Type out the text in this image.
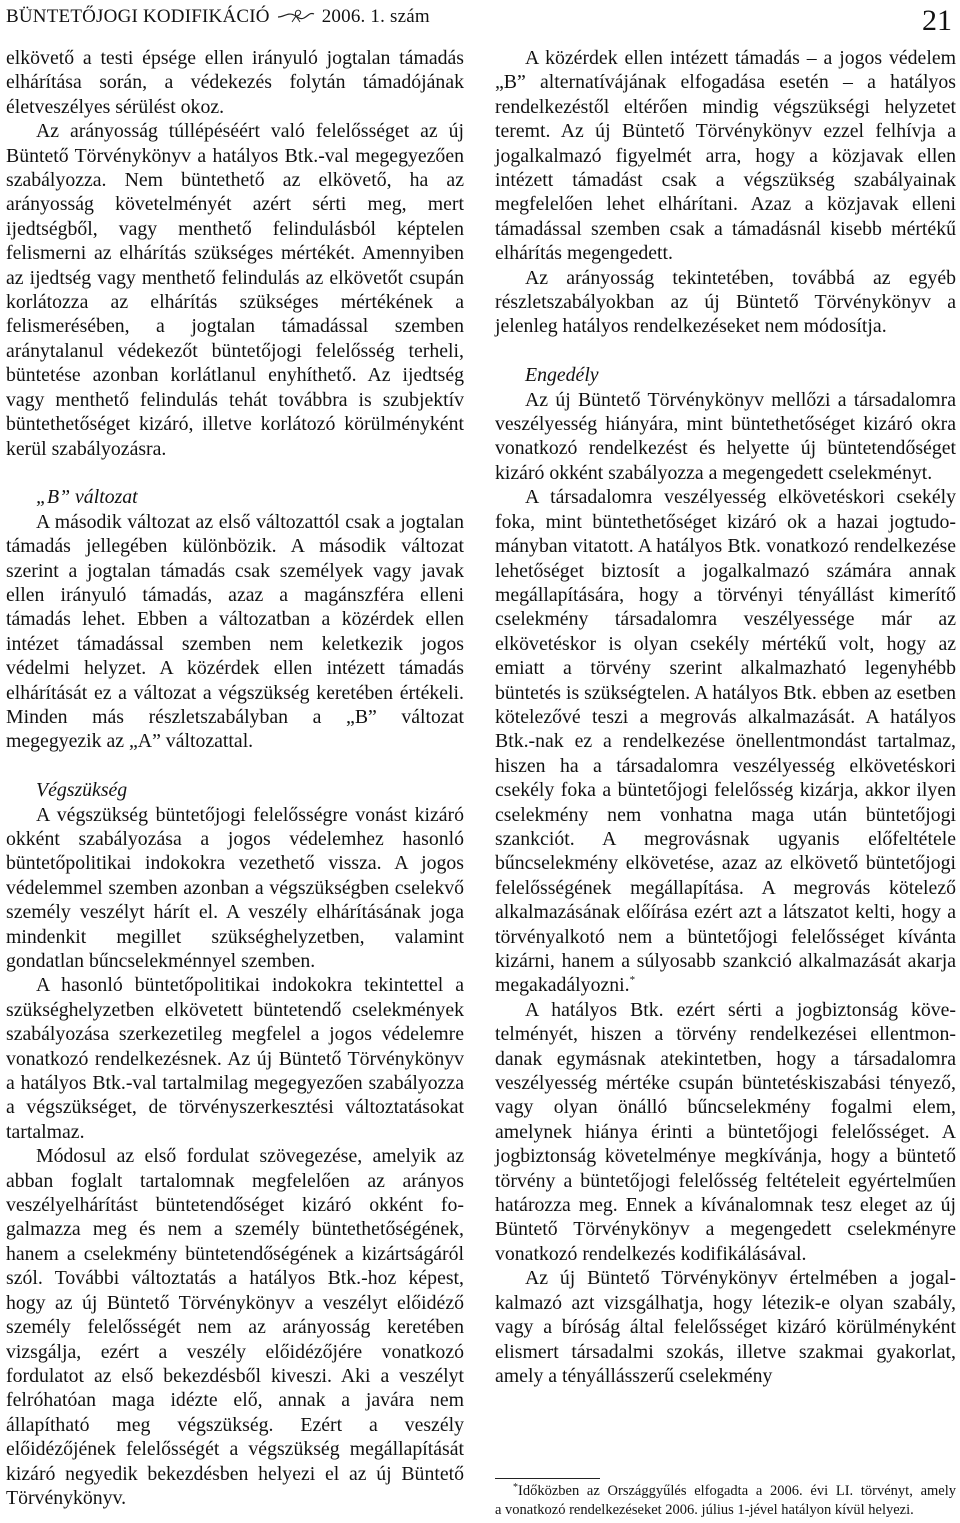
BÜNTETŐJOGI KODIFIKÁCIÓ	2006. 1. szám	21

elkövető a testi épsége ellen irányuló jogtalan támadás elhárítása során, a védekezés folytán támadójának életveszélyes sérülést okoz.

Az arányosság túllépéséért való felelősséget az új Büntető Törvénykönyv a hatályos Btk.-val megegyezően szabályozza. Nem büntethető az elkövető, ha az arányosság követelményét azért sérti meg, mert ijedtségből, vagy menthető felindulásból képtelen felismerni az elhárítás szükséges mértékét. Amennyiben az ijedtség vagy menthető felindulás az elkövetőt csupán korlátozza az elhárítás szükséges mértékének a felismerésében, a jogtalan támadással szemben aránytalanul védekezőt büntetőjogi felelősség terheli, büntetése azonban korlátlanul enyhíthető. Az ijedtség vagy menthető felindulás tehát továbbra is szubjektív büntethetőséget kizáró, illetve korlátozó körülményként kerül szabályozásra.

„B” változat

A második változat az első változattól csak a jogtalan támadás jellegében különbözik. A második változat szerint a jogtalan támadás csak személyek vagy javak ellen irányuló támadás, azaz a magánszféra elleni támadás lehet. Ebben a változatban a közérdek ellen intézet támadással szemben nem keletkezik jogos védelmi helyzet. A közérdek ellen intézett támadás elhárítását ez a változat a végszükség keretében értékeli. Minden más részletszabályban a „B” változat megegyezik az „A” változattal.

Végszükség

A végszükség büntetőjogi felelősségre vonást kizáró okként szabályozása a jogos védelemhez hasonló büntetőpolitikai indokokra vezethető vissza. A jogos védelemmel szemben azonban a végszükségben cselekvő személy veszélyt hárít el. A veszély elhárításának joga mindenkit megillet szükséghelyzetben, valamint gondatlan bűncselekménnyel szemben.

A hasonló büntetőpolitikai indokokra tekintettel a szükséghelyzetben elkövetett büntetendő cselekmények szabályozása szerkezetileg megfelel a jogos védelemre vonatkozó rendelkezésnek. Az új Büntető Törvénykönyv a hatályos Btk.-val tartalmilag megegyezően szabályozza a végszükséget, de törvényszerkesztési változtatásokat tartalmaz.

Módosul az első fordulat szövegezése, amelyik az abban foglalt tartalomnak megfelelően az arányos veszélyelhárítást büntetendőséget kizáró okként fogalmazza meg és nem a személy büntethetőségének, hanem a cselekmény büntetendőségének a kizártságáról szól. További változtatás a hatályos Btk.-hoz képest, hogy az új Büntető Törvénykönyv a veszélyt előidéző személy felelősségét nem az arányosság keretében vizsgálja, ezért a veszély előidézőjére vonatkozó fordulatot az első bekezdésből kiveszi. Aki a veszélyt felróhatóan maga idézte elő, annak a javára nem állapítható meg végszükség. Ezért a veszély előidézőjének felelősségét a végszükség megállapítását kizáró negyedik bekezdésben helyezi el az új Büntető Törvénykönyv.

A közérdek ellen intézett támadás – a jogos védelem „B” alternatívájának elfogadása esetén – a hatályos rendelkezéstől eltérően mindig végszükségi helyzetet teremt. Az új Büntető Törvénykönyv ezzel felhívja a jogalkalmazó figyelmét arra, hogy a közjavak ellen intézett támadást csak a végszükség szabályainak megfelelően lehet elhárítani. Azaz a közjavak elleni támadással szemben csak a támadásnál kisebb mértékű elhárítás megengedett.

Az arányosság tekintetében, továbbá az egyéb részletszabályokban az új Büntető Törvénykönyv a jelenleg hatályos rendelkezéseket nem módosítja.

Engedély

Az új Büntető Törvénykönyv mellőzi a társadalomra veszélyesség hiányára, mint büntethetőséget kizáró okra vonatkozó rendelkezést és helyette új büntetendőséget kizáró okként szabályozza a megengedett cselekményt.

A társadalomra veszélyesség elkövetéskori csekély foka, mint büntethetőséget kizáró ok a hazai jogtudományban vitatott. A hatályos Btk. vonatkozó rendelkezése lehetőséget biztosít a jogalkalmazó számára annak megállapítására, hogy a törvényi tényállást kimerítő cselekmény társadalomra veszélyessége már az elkövetéskor is olyan csekély mértékű volt, hogy az emiatt a törvény szerint alkalmazható legenyhébb büntetés is szükségtelen. A hatályos Btk. ebben az esetben kötelezővé teszi a megrovás alkalmazását. A hatályos Btk.-nak ez a rendelkezése önellentmondást tartalmaz, hiszen ha a társadalomra veszélyesség elkövetéskori csekély foka a büntetőjogi felelősség kizárja, akkor ilyen cselekmény nem vonhatna maga után büntetőjogi szankciót. A megrovásnak ugyanis előfeltétele bűncselekmény elkövetése, azaz az elkövető büntetőjogi felelősségének megállapítása. A megrovás kötelező alkalmazásának előírása ezért azt a látszatot kelti, hogy a törvényalkotó nem a büntetőjogi felelősséget kívánta kizárni, hanem a súlyosabb szankció alkalmazását akarja megakadályozni.*

A hatályos Btk. ezért sérti a jogbiztonság követelményét, hiszen a törvény rendelkezései ellentmondanak egymásnak atekintetben, hogy a társadalomra veszélyesség mértéke csupán büntetéskiszabási tényező, vagy olyan önálló bűncselekmény fogalmi elem, amelynek hiánya érinti a büntetőjogi felelősséget. A jogbiztonság követelménye megkívánja, hogy a büntető törvény a büntetőjogi felelősség feltételeit egyértelműen határozza meg. Ennek a kívánalomnak tesz eleget az új Büntető Törvénykönyv a megengedett cselekményre vonatkozó rendelkezés kodifikálásával.

Az új Büntető Törvénykönyv értelmében a jogalkalmazó azt vizsgálhatja, hogy létezik-e olyan szabály, vagy a bíróság által felelősséget kizáró körülményként elismert társadalmi szokás, illetve szakmai gyakorlat, amely a tényállásszerű cselekmény

*Időközben az Országgyűlés elfogadta a 2006. évi LI. törvényt, amely
a vonatkozó rendelkezéseket 2006. július 1-jével hatályon kívül helyezi.
